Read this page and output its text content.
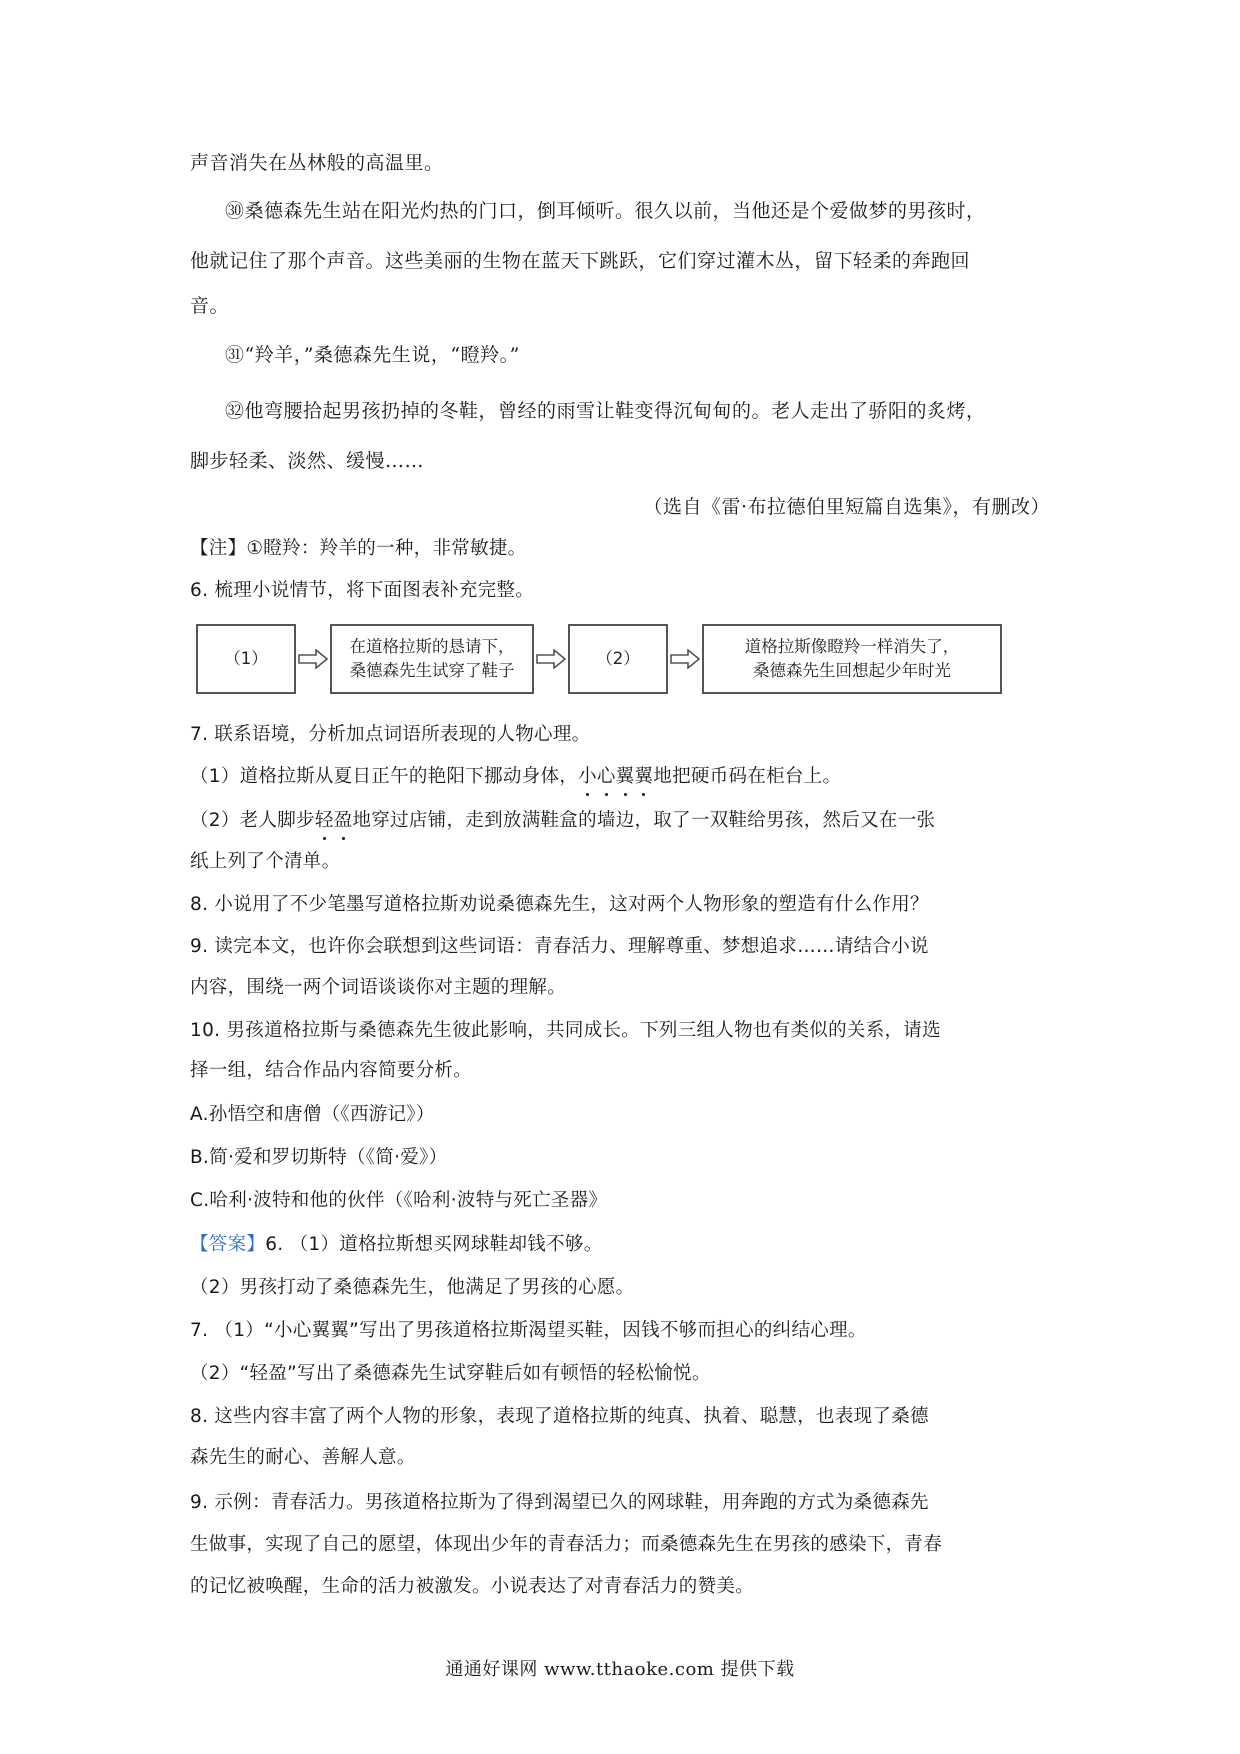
声音消失在丛林般的高温里。
㉚桑德森先生站在阳光灼热的门口，倒耳倾听。很久以前，当他还是个爱做梦的男孩时，
他就记住了那个声音。这些美丽的生物在蓝天下跳跃，它们穿过灌木丛，留下轻柔的奔跑回
音。
㉛“羚羊，”桑德森先生说，“瞪羚。”
㉜他弯腰拾起男孩扔掉的冬鞋，曾经的雨雪让鞋变得沉甸甸的。老人走出了骄阳的炙烤，
脚步轻柔、淡然、缓慢……
（选自《雷·布拉德伯里短篇自选集》，有删改）
【注】①瞪羚：羚羊的一种，非常敏捷。
6. 梳理小说情节，将下面图表补充完整。
（1）
在道格拉斯的恳请下，
桑德森先生试穿了鞋子
（2）
道格拉斯像瞪羚一样消失了，
桑德森先生回想起少年时光
7. 联系语境，分析加点词语所表现的人物心理。
（1）道格拉斯从夏日正午的艳阳下挪动身体，小心翼翼地把硬币码在柜台上。
（2）老人脚步轻盈地穿过店铺，走到放满鞋盒的墙边，取了一双鞋给男孩，然后又在一张
纸上列了个清单。
8. 小说用了不少笔墨写道格拉斯劝说桑德森先生，这对两个人物形象的塑造有什么作用？
9. 读完本文，也许你会联想到这些词语：青春活力、理解尊重、梦想追求……请结合小说
内容，围绕一两个词语谈谈你对主题的理解。
10. 男孩道格拉斯与桑德森先生彼此影响，共同成长。下列三组人物也有类似的关系，请选
择一组，结合作品内容简要分析。
A.孙悟空和唐僧（《西游记》）
B.简·爱和罗切斯特（《简·爱》）
C.哈利·波特和他的伙伴（《哈利·波特与死亡圣器》
【答案】6. （1）道格拉斯想买网球鞋却钱不够。
（2）男孩打动了桑德森先生，他满足了男孩的心愿。
7. （1）“小心翼翼”写出了男孩道格拉斯渴望买鞋，因钱不够而担心的纠结心理。
（2）“轻盈”写出了桑德森先生试穿鞋后如有顿悟的轻松愉悦。
8. 这些内容丰富了两个人物的形象，表现了道格拉斯的纯真、执着、聪慧，也表现了桑德
森先生的耐心、善解人意。
9. 示例：青春活力。男孩道格拉斯为了得到渴望已久的网球鞋，用奔跑的方式为桑德森先
生做事，实现了自己的愿望，体现出少年的青春活力；而桑德森先生在男孩的感染下，青春
的记忆被唤醒，生命的活力被激发。小说表达了对青春活力的赞美。
通通好课网 www.tthaoke.com 提供下载
